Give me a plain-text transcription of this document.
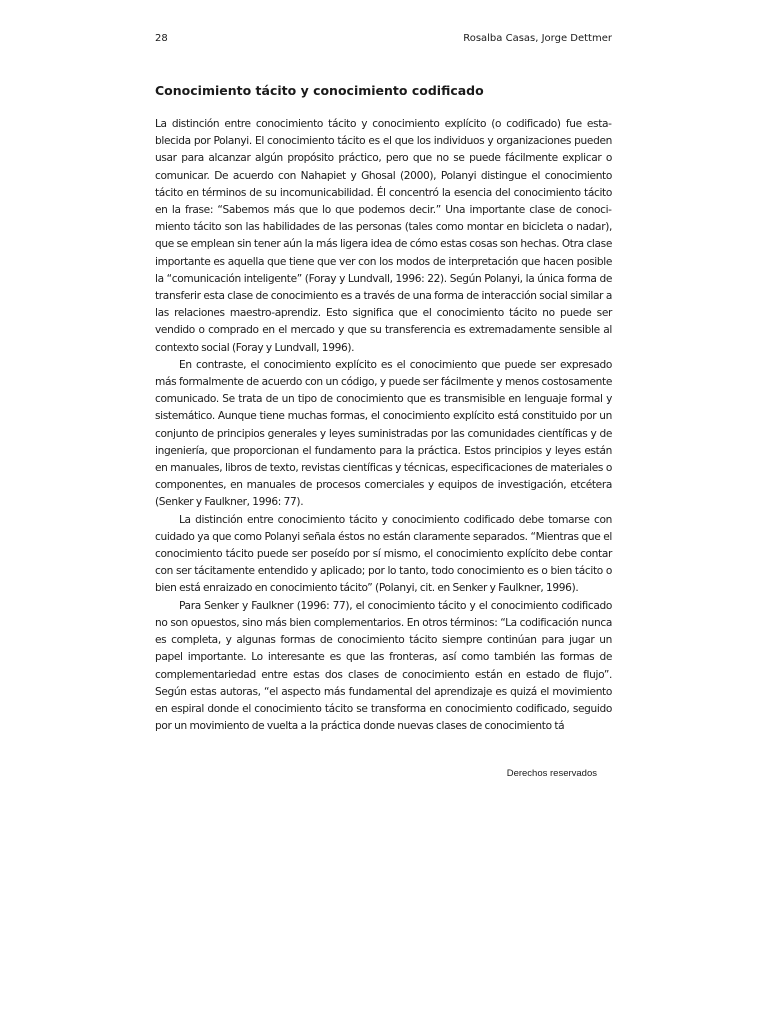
28	Rosalba Casas, Jorge Dettmer
Conocimiento tácito y conocimiento codificado

La distinción entre conocimiento tácito y conocimiento explícito (o codificado) fue establecida por Polanyi. El conocimiento tácito es el que los individuos y organizaciones pueden usar para alcanzar algún propósito práctico, pero que no se puede fácilmente explicar o comunicar. De acuerdo con Nahapiet y Ghosal (2000), Polanyi distingue el conocimiento tácito en términos de su incomunicabilidad. Él concentró la esencia del conocimiento tácito en la frase: “Sabemos más que lo que podemos decir.” Una importante clase de conocimiento tácito son las habilidades de las personas (tales como montar en bicicleta o nadar), que se emplean sin tener aún la más ligera idea de cómo estas cosas son hechas. Otra clase importante es aquella que tiene que ver con los modos de interpretación que hacen posible la “comunicación inteligente” (Foray y Lundvall, 1996: 22). Según Polanyi, la única forma de transferir esta clase de conocimiento es a través de una forma de interacción social similar a las relaciones maestro-aprendiz. Esto significa que el conocimiento tácito no puede ser vendido o comprado en el mercado y que su transferencia es extremadamente sensible al contexto social (Foray y Lundvall, 1996).

En contraste, el conocimiento explícito es el conocimiento que puede ser expresado más formalmente de acuerdo con un código, y puede ser fácilmente y menos costosamente comunicado. Se trata de un tipo de conocimiento que es transmisible en lenguaje formal y sistemático. Aunque tiene muchas formas, el conocimiento explícito está constituido por un conjunto de principios generales y leyes suministradas por las comunidades científicas y de ingeniería, que proporcionan el fundamento para la práctica. Estos principios y leyes están en manuales, libros de texto, revistas científicas y técnicas, especificaciones de materiales o componentes, en manuales de procesos comerciales y equipos de investigación, etcétera (Senker y Faulkner, 1996: 77).

La distinción entre conocimiento tácito y conocimiento codificado debe tomarse con cuidado ya que como Polanyi señala éstos no están claramente separados. “Mientras que el conocimiento tácito puede ser poseído por sí mismo, el conocimiento explícito debe contar con ser tácitamente entendido y aplicado; por lo tanto, todo conocimiento es o bien tácito o bien está enraizado en conocimiento tácito” (Polanyi, cit. en Senker y Faulkner, 1996).

Para Senker y Faulkner (1996: 77), el conocimiento tácito y el conocimiento codificado no son opuestos, sino más bien complementarios. En otros términos: “La codificación nunca es completa, y algunas formas de conocimiento tácito siempre continúan para jugar un papel importante. Lo interesante es que las fronteras, así como también las formas de complementariedad entre estas dos clases de conocimiento están en estado de flujo”. Según estas autoras, “el aspecto más fundamental del aprendizaje es quizá el movimiento en espiral donde el conocimiento tácito se transforma en conocimiento codificado, seguido por un movimiento de vuelta a la práctica donde nuevas clases de conocimiento tá

Derechos reservados
